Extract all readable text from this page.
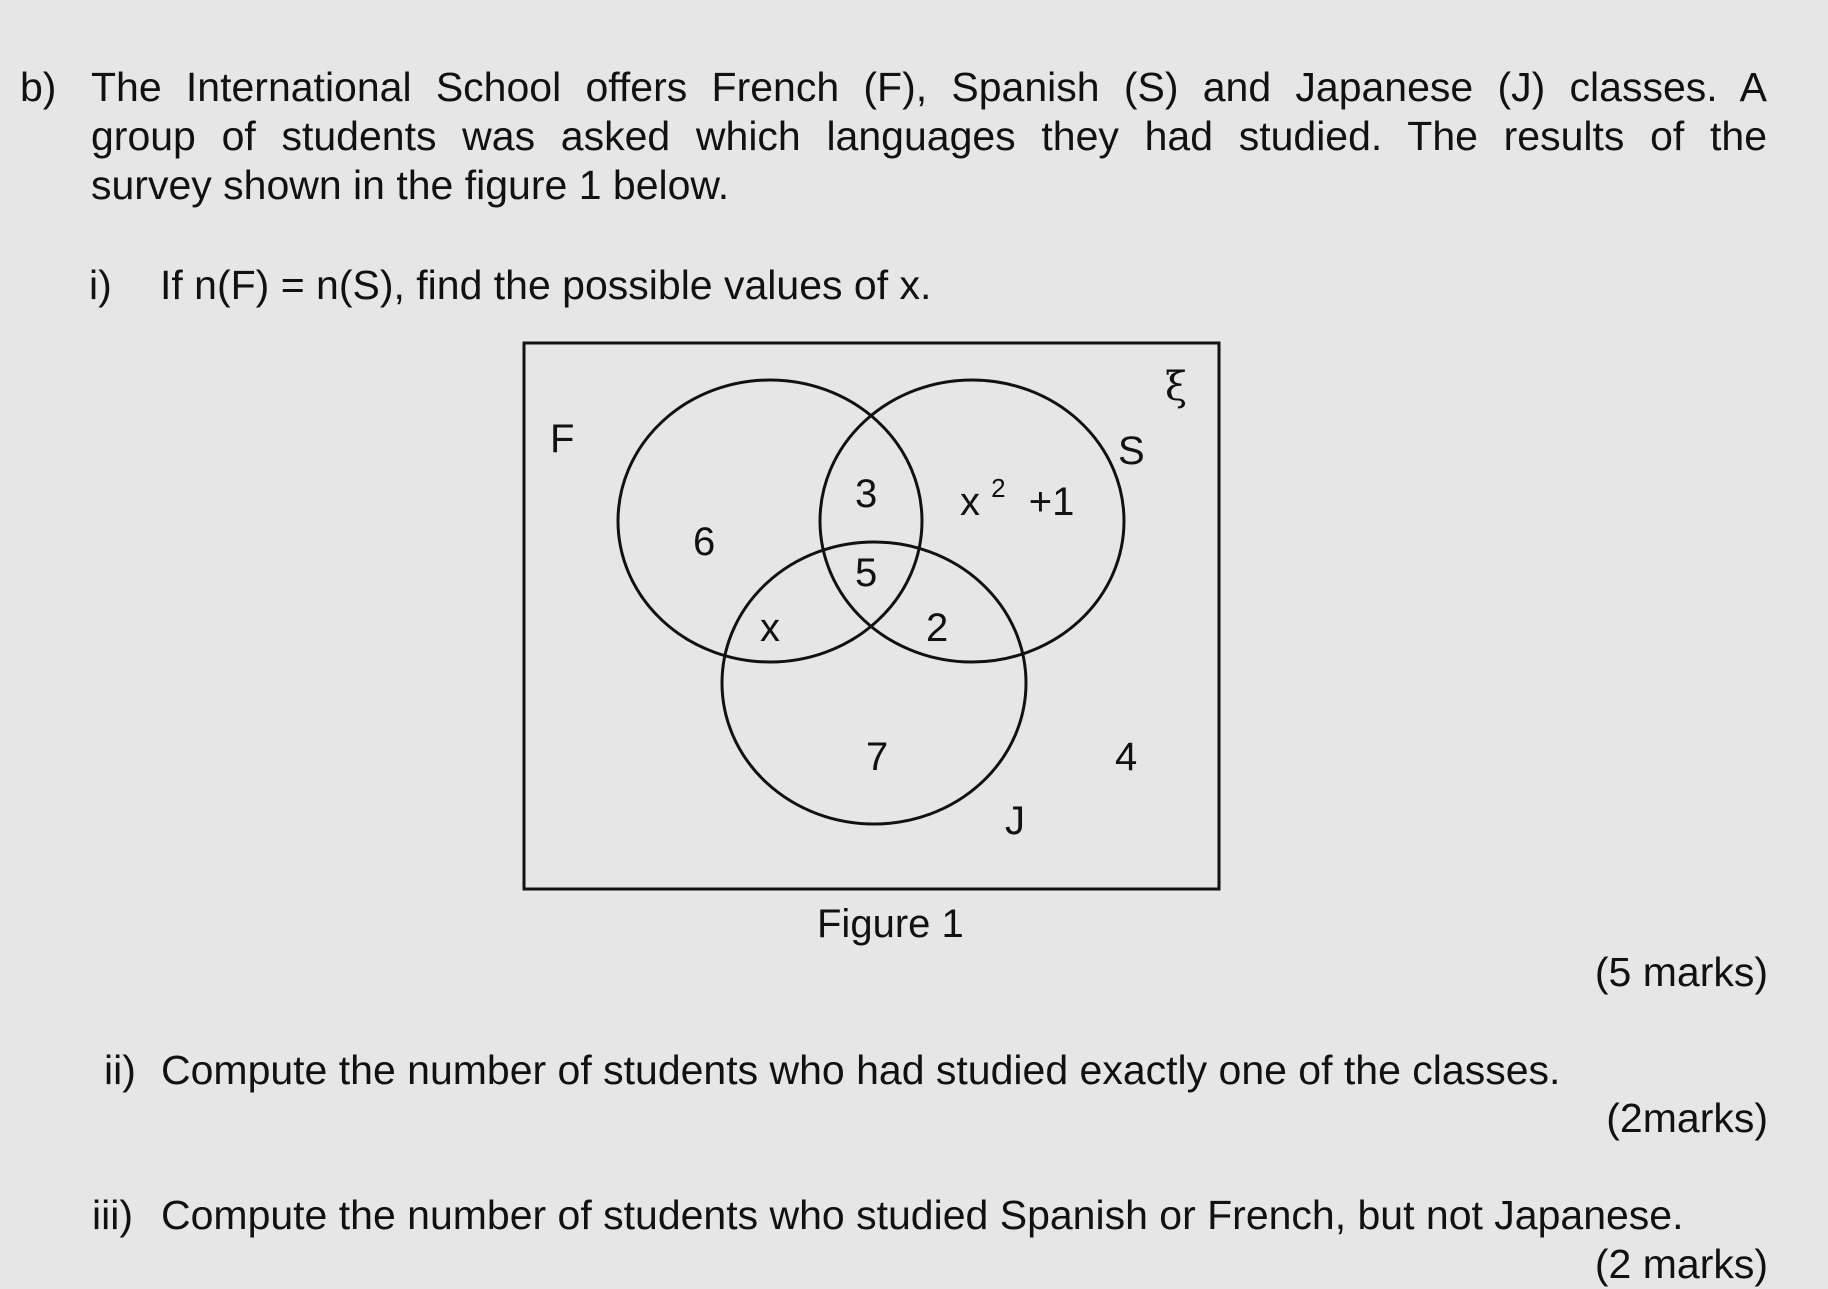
b) The International School offers French (F), Spanish (S) and Japanese (J) classes. A
group of students was asked which languages they had studied. The results of the
survey shown in the figure 1 below.
i) If n(F) = n(S), find the possible values of x.
ξ
F	S
J
6
3
5
x	2
x $^2$ +1
7	4
Figure 1
(5 marks)
ii) Compute the number of students who had studied exactly one of the classes.
(2marks)
iii) Compute the number of students who studied Spanish or French, but not Japanese.
(2 marks)
